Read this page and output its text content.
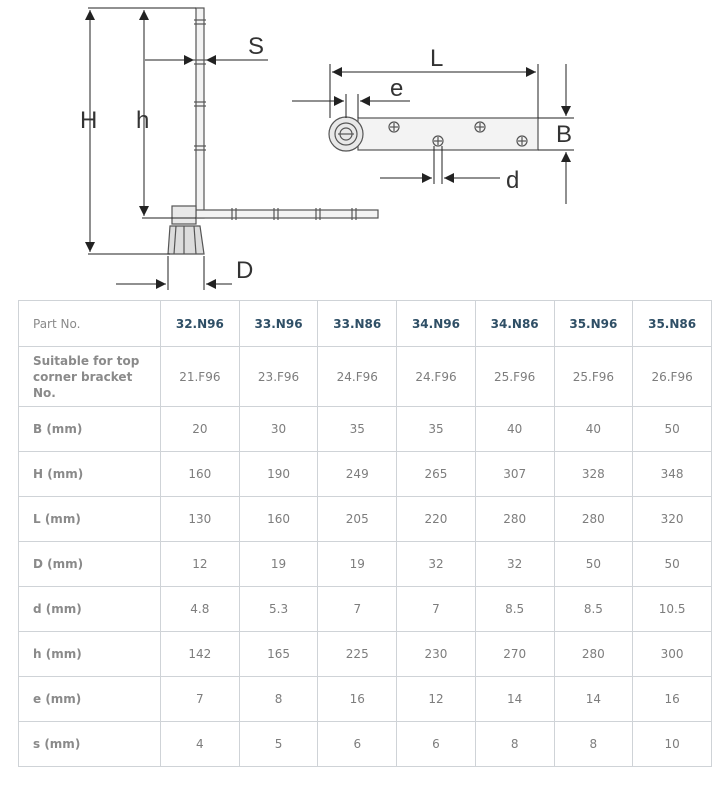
H h
S
D
L
e
B
d
Part No.	32.N96	33.N96	33.N86	34.N96	34.N86	35.N96	35.N86
Suitable for top corner bracket No.	21.F96	23.F96	24.F96	24.F96	25.F96	25.F96	26.F96
B (mm)	20	30	35	35	40	40	50
H (mm)	160	190	249	265	307	328	348
L (mm)	130	160	205	220	280	280	320
D (mm)	12	19	19	32	32	50	50
d (mm)	4.8	5.3	7	7	8.5	8.5	10.5
h (mm)	142	165	225	230	270	280	300
e (mm)	7	8	16	12	14	14	16
s (mm)	4	5	6	6	8	8	10
